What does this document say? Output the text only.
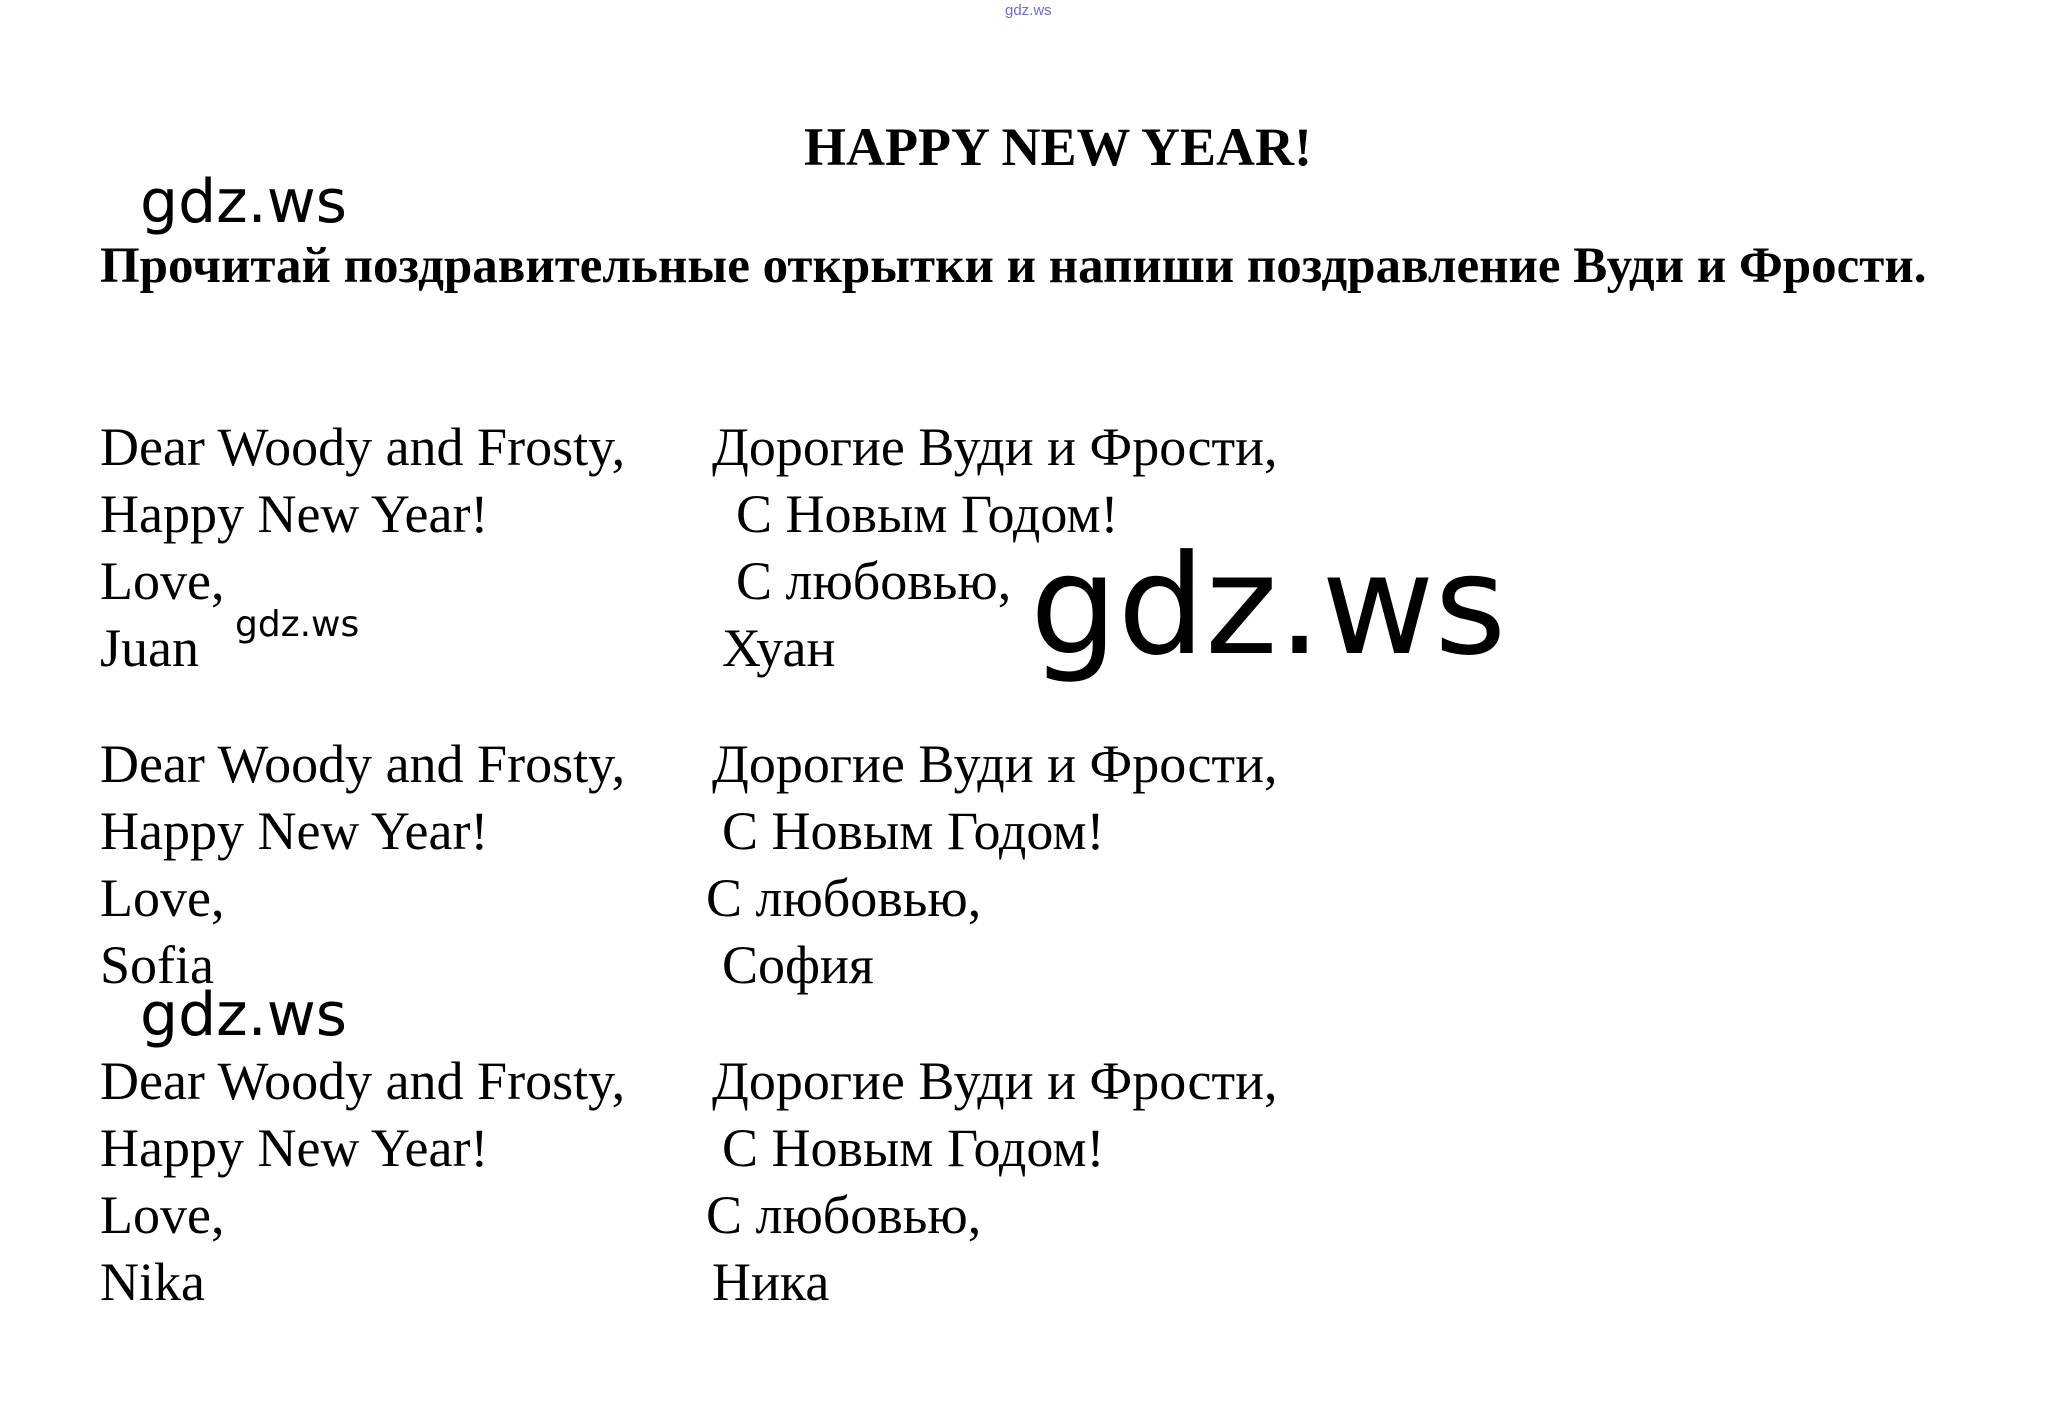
gdz.ws
HAPPY NEW YEAR!
gdz.ws
Прочитай поздравительные открытки и напиши поздравление Вуди и Фрости.
Dear Woody and Frosty, Дорогие Вуди и Фрости,
Happy New Year!	С Новым Годом!
Love,	С любовью,
Juan	Хуан
gdz.ws	gdz.ws
Dear Woody and Frosty, Дорогие Вуди и Фрости,
Happy New Year!	С Новым Годом!
Love,	С любовью,
Sofia	София
gdz.ws
Dear Woody and Frosty, Дорогие Вуди и Фрости,
Happy New Year!	С Новым Годом!
Love,	С любовью,
Nika	Ника
